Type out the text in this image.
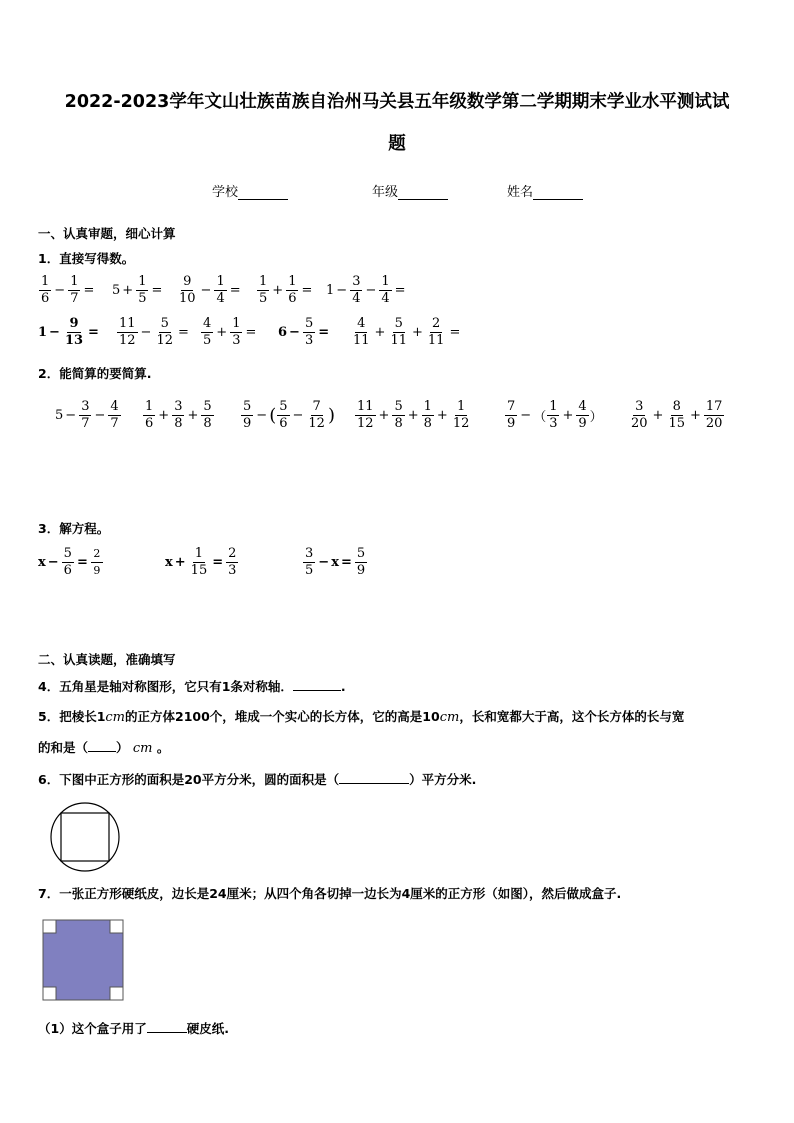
2022-2023学年文山壮族苗族自治州马关县五年级数学第二学期期末学业水平测试试
题
学校	年级	姓名
一、认真审题，细心计算
1．直接写得数。
$\frac{1}{6} - \frac{1}{7} = 5 + \frac{1}{5} = \frac{9}{10} - \frac{1}{4} = \frac{1}{5} + \frac{1}{6} = 1 - \frac{3}{4} - \frac{1}{4}$ =
$1 - \frac{9}{13} = \frac{11}{12} - \frac{5}{12} = \frac{4}{5} + \frac{1}{3} = 6 - \frac{5}{3} = \frac{4}{11} + \frac{5}{11} + \frac{2}{11}$ =
2．能简算的要简算.
$5 - \frac{3}{7} - \frac{4}{7} \frac{1}{6} + \frac{3}{8} + \frac{5}{8} \frac{5}{9}$ − ( $\frac{5}{6} - \frac{7}{12}$ ) $\frac{11}{12} + \frac{5}{8} + \frac{1}{8} + \frac{1}{12}$	$\frac{7}{9}$ − （ $\frac{1}{3} + \frac{4}{9}$ ） $\frac{3}{20} + \frac{8}{15} + \frac{17}{20}$
3．解方程。
$x - \frac{5}{6} = \frac{2}{9}$	$x + \frac{1}{15} = \frac{2}{3}$	$\frac{3}{5} - x = \frac{5}{9}$
二、认真读题，准确填写
4．五角星是轴对称图形，它只有1条对称轴．	.
5．把棱长1cm的正方体2100个，堆成一个实心的长方体，它的高是10cm，长和宽都大于高，这个长方体的长与宽
的和是（ ） cm 。
6．下图中正方形的面积是20平方分米，圆的面积是（	）平方分米.
7．一张正方形硬纸皮，边长是24厘米；从四个角各切掉一边长为4厘米的正方形（如图），然后做成盒子.
（1）这个盒子用了	硬皮纸.
